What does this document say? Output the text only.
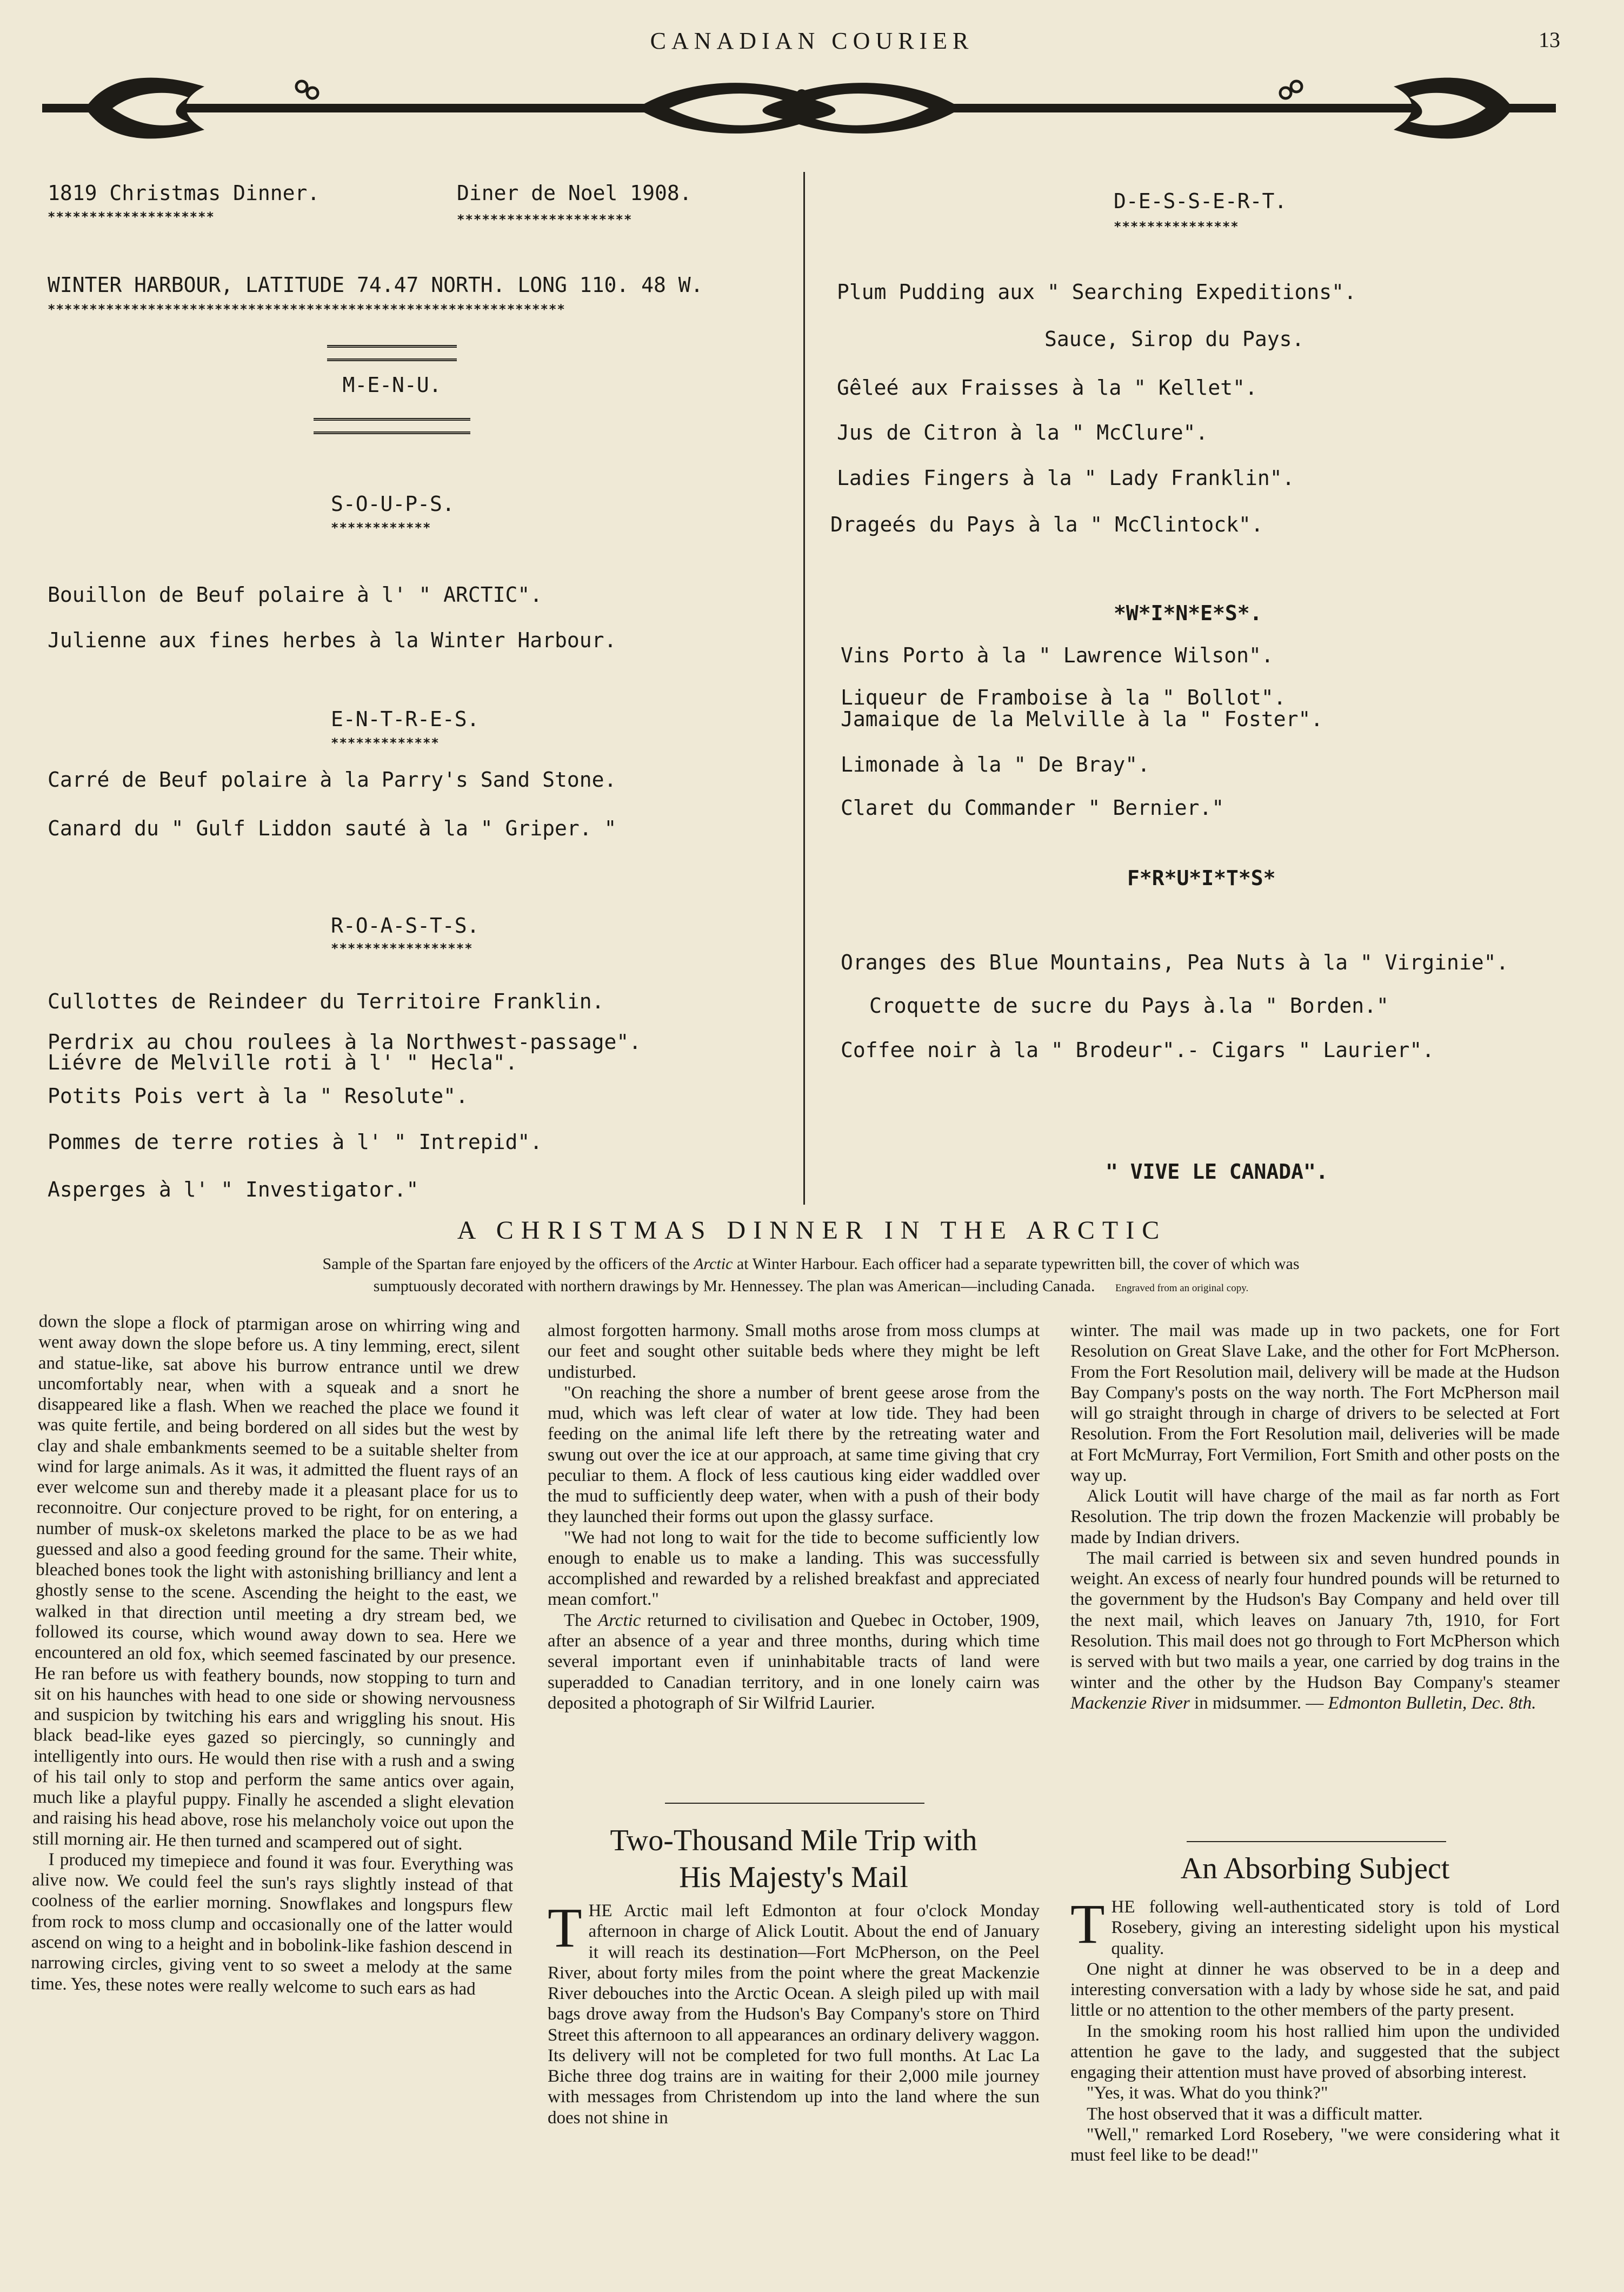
CANADIAN COURIER	13
1819 Christmas Dinner.
********************
Diner de Noel 1908.
*********************
WINTER HARBOUR, LATITUDE 74.47 NORTH. LONG 110. 48 W.
**************************************************************
M-E-N-U.
S-O-U-P-S.
************
Bouillon de Beuf polaire à l' " ARCTIC".
Julienne aux fines herbes à la Winter Harbour.
E-N-T-R-E-S.
*************
Carré de Beuf polaire à la Parry's Sand Stone.
Canard du " Gulf Liddon sauté à la " Griper. "
R-O-A-S-T-S.
*****************
Cullottes de Reindeer du Territoire Franklin.
Perdrix au chou roulees à la Northwest-passage".
Liévre de Melville roti à l' " Hecla".
Potits Pois vert à la " Resolute".
Pommes de terre roties à l' " Intrepid".
Asperges à l' " Investigator."
D-E-S-S-E-R-T.
***************
Plum Pudding aux " Searching Expeditions".
Sauce, Sirop du Pays.
Gêleé aux Fraisses à la " Kellet".
Jus de Citron à la " McClure".
Ladies Fingers à la " Lady Franklin".
Drageés du Pays à la " McClintock".
*W*I*N*E*S*.
Vins Porto à la " Lawrence Wilson".
Liqueur de Framboise à la " Bollot".
Jamaique de la Melville à la " Foster".
Limonade à la " De Bray".
Claret du Commander " Bernier."
F*R*U*I*T*S*
Oranges des Blue Mountains, Pea Nuts à la " Virginie".
Croquette de sucre du Pays à.la " Borden."
Coffee noir à la " Brodeur".- Cigars " Laurier".
" VIVE LE CANADA".
A CHRISTMAS DINNER IN THE ARCTIC
Sample of the Spartan fare enjoyed by the officers of the Arctic at Winter Harbour. Each officer had a separate typewritten bill, the cover of which was
sumptuously decorated with northern drawings by Mr. Hennessey. The plan was American—including Canada. Engraved from an original copy.

down the slope a flock of ptarmigan arose on whirring wing and went away down the slope before us. A tiny lemming, erect, silent and statue-like, sat above his burrow entrance until we drew uncomfortably near, when with a squeak and a snort he disappeared like a flash. When we reached the place we found it was quite fertile, and being bordered on all sides but the west by clay and shale embankments seemed to be a suitable shelter from wind for large animals. As it was, it admitted the fluent rays of an ever welcome sun and thereby made it a pleasant place for us to reconnoitre. Our conjecture proved to be right, for on entering, a number of musk-ox skeletons marked the place to be as we had guessed and also a good feeding ground for the same. Their white, bleached bones took the light with astonishing brilliancy and lent a ghostly sense to the scene. Ascending the height to the east, we walked in that direction until meeting a dry stream bed, we followed its course, which wound away down to sea. Here we encountered an old fox, which seemed fascinated by our presence. He ran before us with feathery bounds, now stopping to turn and sit on his haunches with head to one side or showing nervousness and suspicion by twitching his ears and wriggling his snout. His black bead-like eyes gazed so piercingly, so cunningly and intelligently into ours. He would then rise with a rush and a swing of his tail only to stop and perform the same antics over again, much like a playful puppy. Finally he ascended a slight elevation and raising his head above, rose his melancholy voice out upon the still morning air. He then turned and scampered out of sight.

I produced my timepiece and found it was four. Everything was alive now. We could feel the sun's rays slightly instead of that coolness of the earlier morning. Snowflakes and longspurs flew from rock to moss clump and occasionally one of the latter would ascend on wing to a height and in bobolink-like fashion descend in narrowing circles, giving vent to so sweet a melody at the same time. Yes, these notes were really welcome to such ears as had

almost forgotten harmony. Small moths arose from moss clumps at our feet and sought other suitable beds where they might be left undisturbed.

"On reaching the shore a number of brent geese arose from the mud, which was left clear of water at low tide. They had been feeding on the animal life left there by the retreating water and swung out over the ice at our approach, at same time giving that cry peculiar to them. A flock of less cautious king eider waddled over the mud to sufficiently deep water, when with a push of their body they launched their forms out upon the glassy surface.

"We had not long to wait for the tide to become sufficiently low enough to enable us to make a landing. This was successfully accomplished and rewarded by a relished breakfast and appreciated mean comfort."

The Arctic returned to civilisation and Quebec in October, 1909, after an absence of a year and three months, during which time several important even if uninhabitable tracts of land were superadded to Canadian territory, and in one lonely cairn was deposited a photograph of Sir Wilfrid Laurier.

Two-Thousand Mile Trip with
His Majesty's Mail

THE Arctic mail left Edmonton at four o'clock Monday afternoon in charge of Alick Loutit. About the end of January it will reach its destination—Fort McPherson, on the Peel River, about forty miles from the point where the great Mackenzie River debouches into the Arctic Ocean. A sleigh piled up with mail bags drove away from the Hudson's Bay Company's store on Third Street this afternoon to all appearances an ordinary delivery waggon. Its delivery will not be completed for two full months. At Lac La Biche three dog trains are in waiting for their 2,000 mile journey with messages from Christendom up into the land where the sun does not shine in

winter. The mail was made up in two packets, one for Fort Resolution on Great Slave Lake, and the other for Fort McPherson. From the Fort Resolution mail, delivery will be made at the Hudson Bay Company's posts on the way north. The Fort McPherson mail will go straight through in charge of drivers to be selected at Fort Resolution. From the Fort Resolution mail, deliveries will be made at Fort McMurray, Fort Vermilion, Fort Smith and other posts on the way up.

Alick Loutit will have charge of the mail as far north as Fort Resolution. The trip down the frozen Mackenzie will probably be made by Indian drivers.

The mail carried is between six and seven hundred pounds in weight. An excess of nearly four hundred pounds will be returned to the government by the Hudson's Bay Company and held over till the next mail, which leaves on January 7th, 1910, for Fort Resolution. This mail does not go through to Fort McPherson which is served with but two mails a year, one carried by dog trains in the winter and the other by the Hudson Bay Company's steamer Mackenzie River in midsummer. — Edmonton Bulletin, Dec. 8th.

An Absorbing Subject

THE following well-authenticated story is told of Lord Rosebery, giving an interesting sidelight upon his mystical quality.

One night at dinner he was observed to be in a deep and interesting conversation with a lady by whose side he sat, and paid little or no attention to the other members of the party present.

In the smoking room his host rallied him upon the undivided attention he gave to the lady, and suggested that the subject engaging their attention must have proved of absorbing interest.

"Yes, it was. What do you think?"

The host observed that it was a difficult matter.

"Well," remarked Lord Rosebery, "we were considering what it must feel like to be dead!"
